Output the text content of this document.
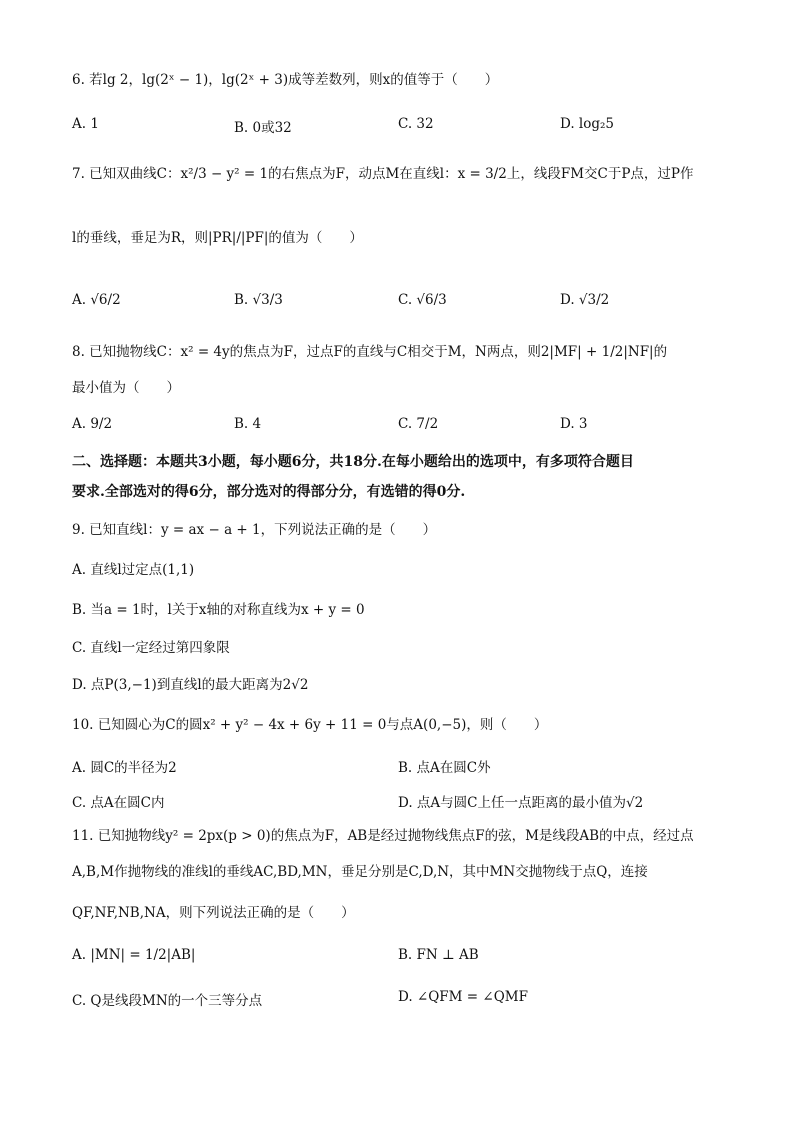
6. 若lg 2，lg(2ˣ − 1)，lg(2ˣ + 3)成等差数列，则x的值等于（　　）
A. 1	B. 0或32	C. 32	D. log₂5
7. 已知双曲线C：x²/3 − y² = 1的右焦点为F，动点M在直线l：x = 3/2上，线段FM交C于P点，过P作
l的垂线，垂足为R，则|PR|/|PF|的值为（　　）
A. √6/2	B. √3/3	C. √6/3	D. √3/2
8. 已知抛物线C：x² = 4y的焦点为F，过点F的直线与C相交于M，N两点，则2|MF| + 1/2|NF|的
最小值为（　　）
A. 9/2	B. 4	C. 7/2	D. 3
二、选择题：本题共3小题，每小题6分，共18分.在每小题给出的选项中，有多项符合题目
要求.全部选对的得6分，部分选对的得部分分，有选错的得0分.
9. 已知直线l：y = ax − a + 1，下列说法正确的是（　　）
A. 直线l过定点(1,1)
B. 当a = 1时，l关于x轴的对称直线为x + y = 0
C. 直线l一定经过第四象限
D. 点P(3,−1)到直线l的最大距离为2√2
10. 已知圆心为C的圆x² + y² − 4x + 6y + 11 = 0与点A(0,−5)，则（　　）
A. 圆C的半径为2	B. 点A在圆C外
C. 点A在圆C内	D. 点A与圆C上任一点距离的最小值为√2
11. 已知抛物线y² = 2px(p > 0)的焦点为F，AB是经过抛物线焦点F的弦，M是线段AB的中点，经过点
A,B,M作抛物线的准线l的垂线AC,BD,MN，垂足分别是C,D,N，其中MN交抛物线于点Q，连接
QF,NF,NB,NA，则下列说法正确的是（　　）
A. |MN| = 1/2|AB|	B. FN ⊥ AB
C. Q是线段MN的一个三等分点	D. ∠QFM = ∠QMF
